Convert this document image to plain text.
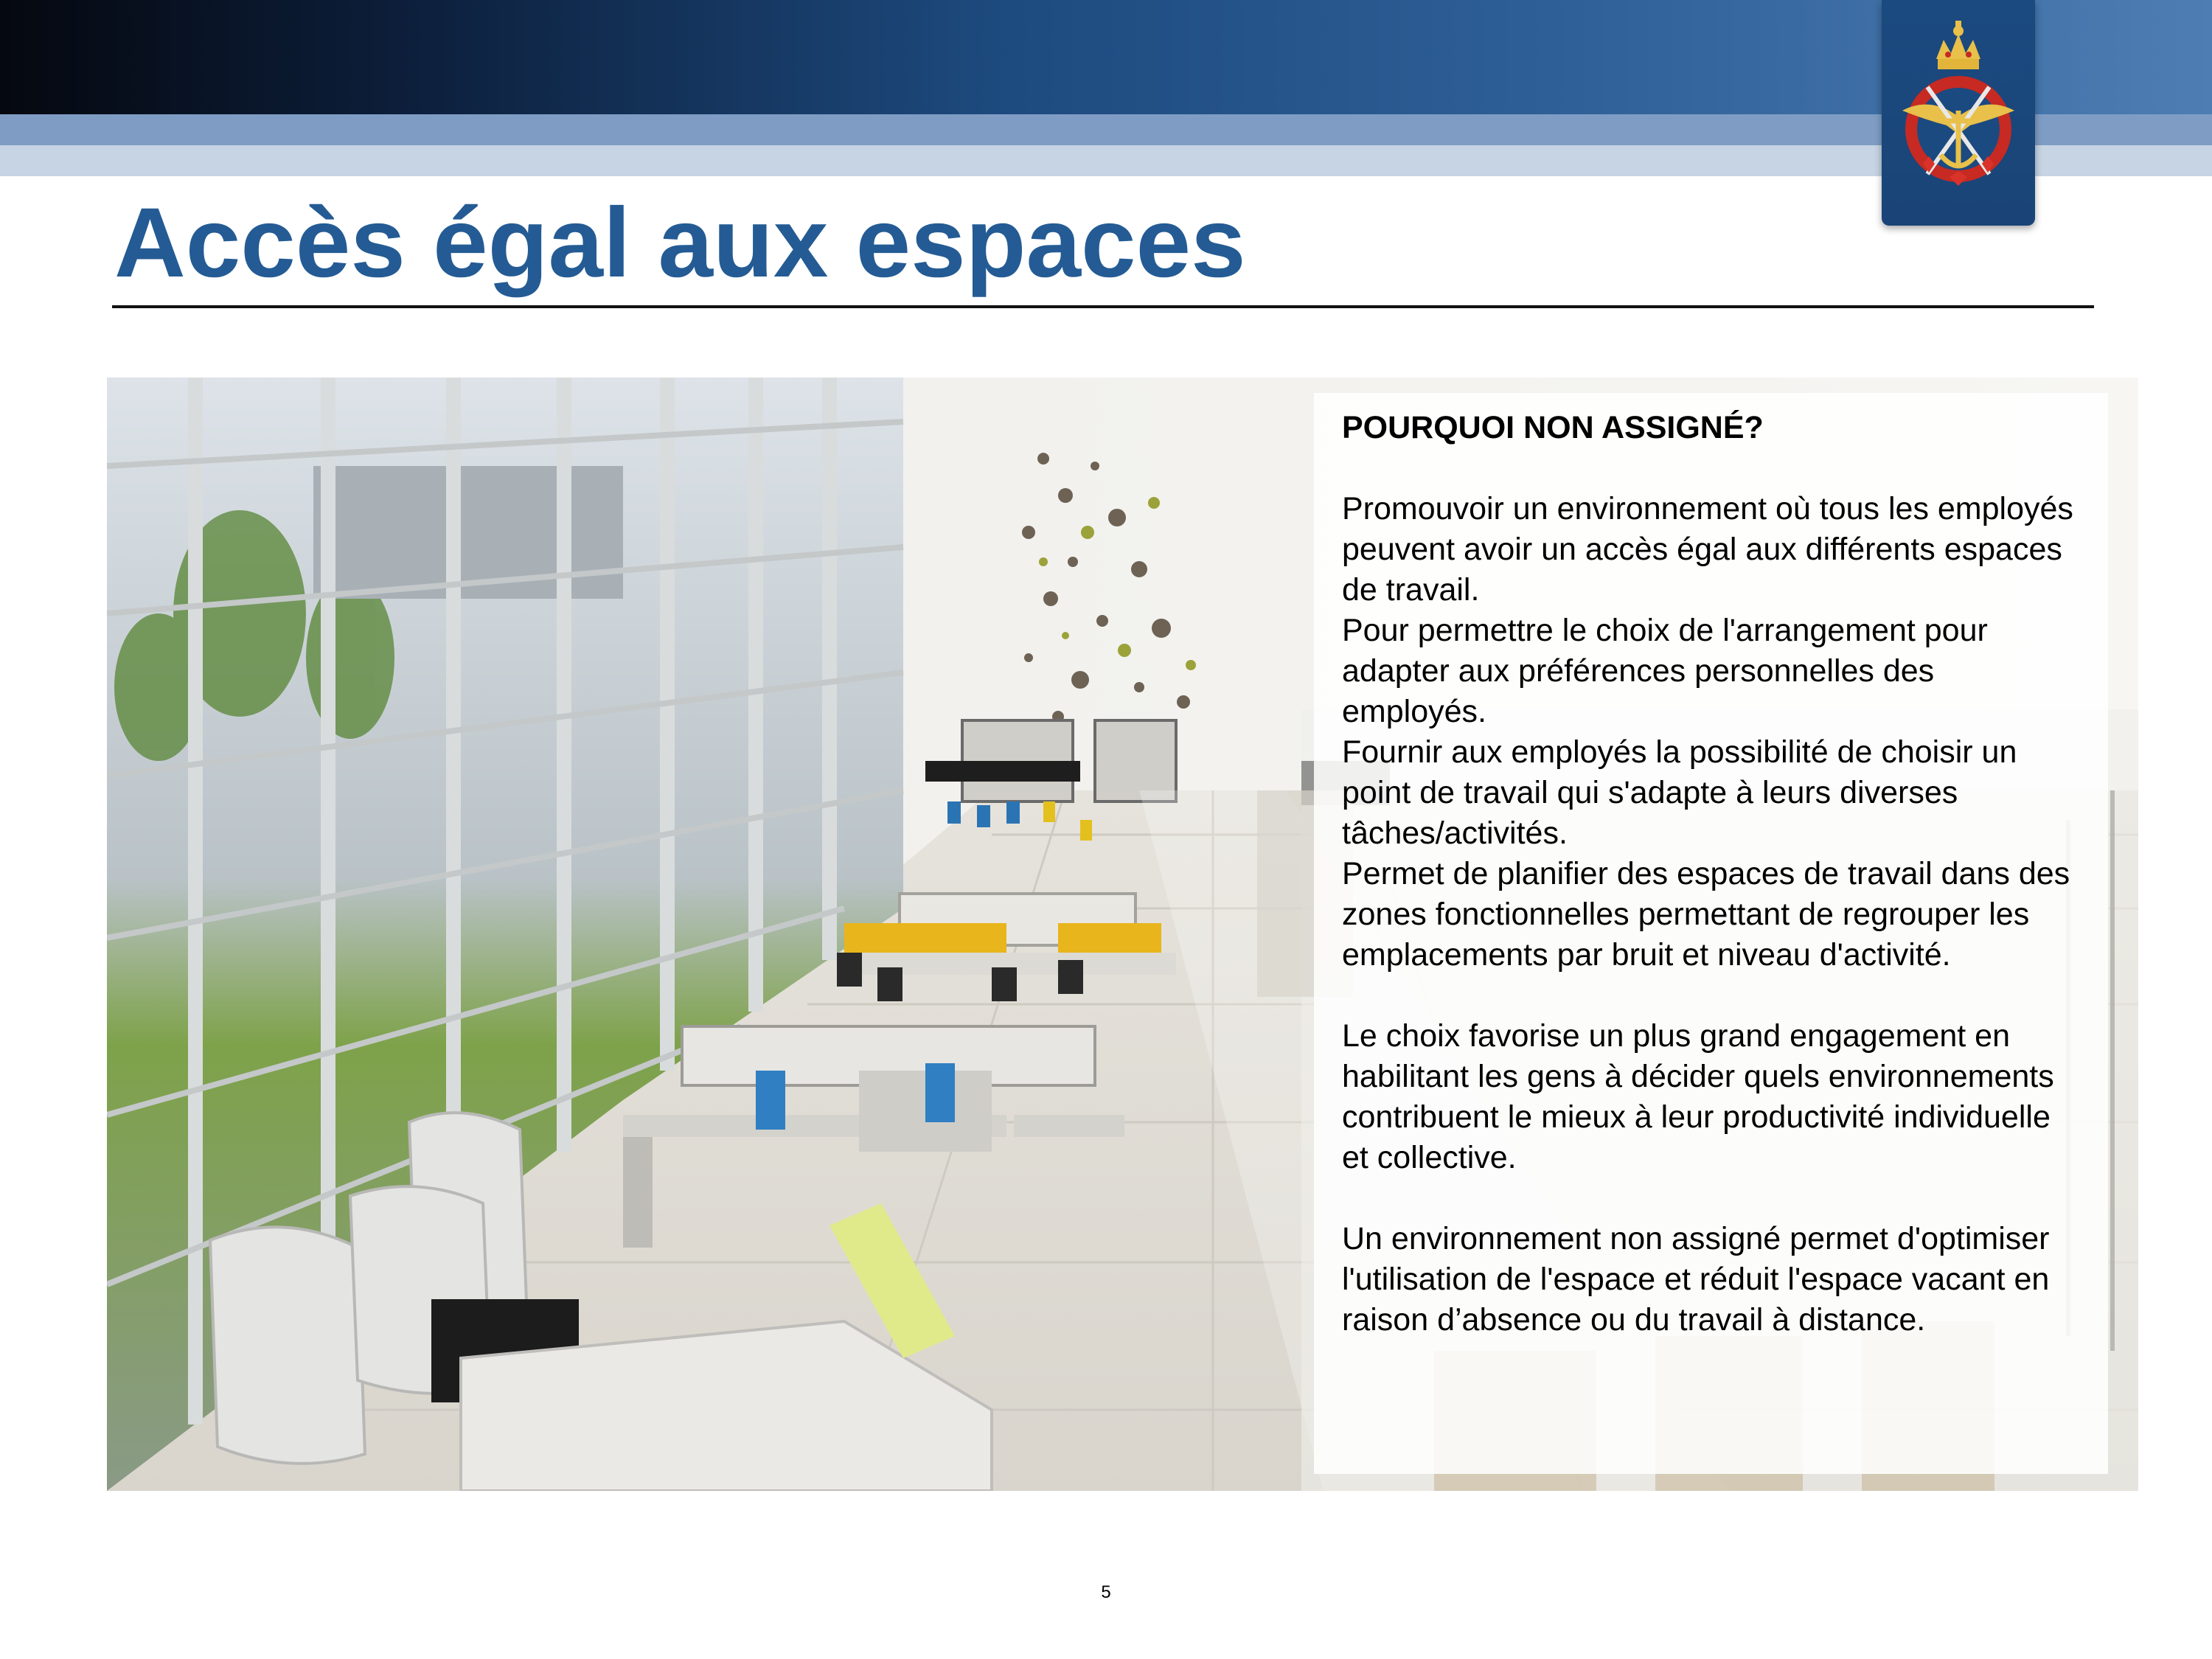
Accès égal aux espaces

POURQUOI NON ASSIGNÉ?

Promouvoir un environnement où tous les employés peuvent avoir un accès égal aux différents espaces de travail.

Pour permettre le choix de l'arrangement pour adapter aux préférences personnelles des employés.

Fournir aux employés la possibilité de choisir un point de travail qui s'adapte à leurs diverses tâches/activités.

Permet de planifier des espaces de travail dans des zones fonctionnelles permettant de regrouper les emplacements par bruit et niveau d'activité.

Le choix favorise un plus grand engagement en habilitant les gens à décider quels environnements contribuent le mieux à leur productivité individuelle et collective.

Un environnement non assigné permet d'optimiser l'utilisation de l'espace et réduit l'espace vacant en raison d’absence ou du travail à distance.

5
